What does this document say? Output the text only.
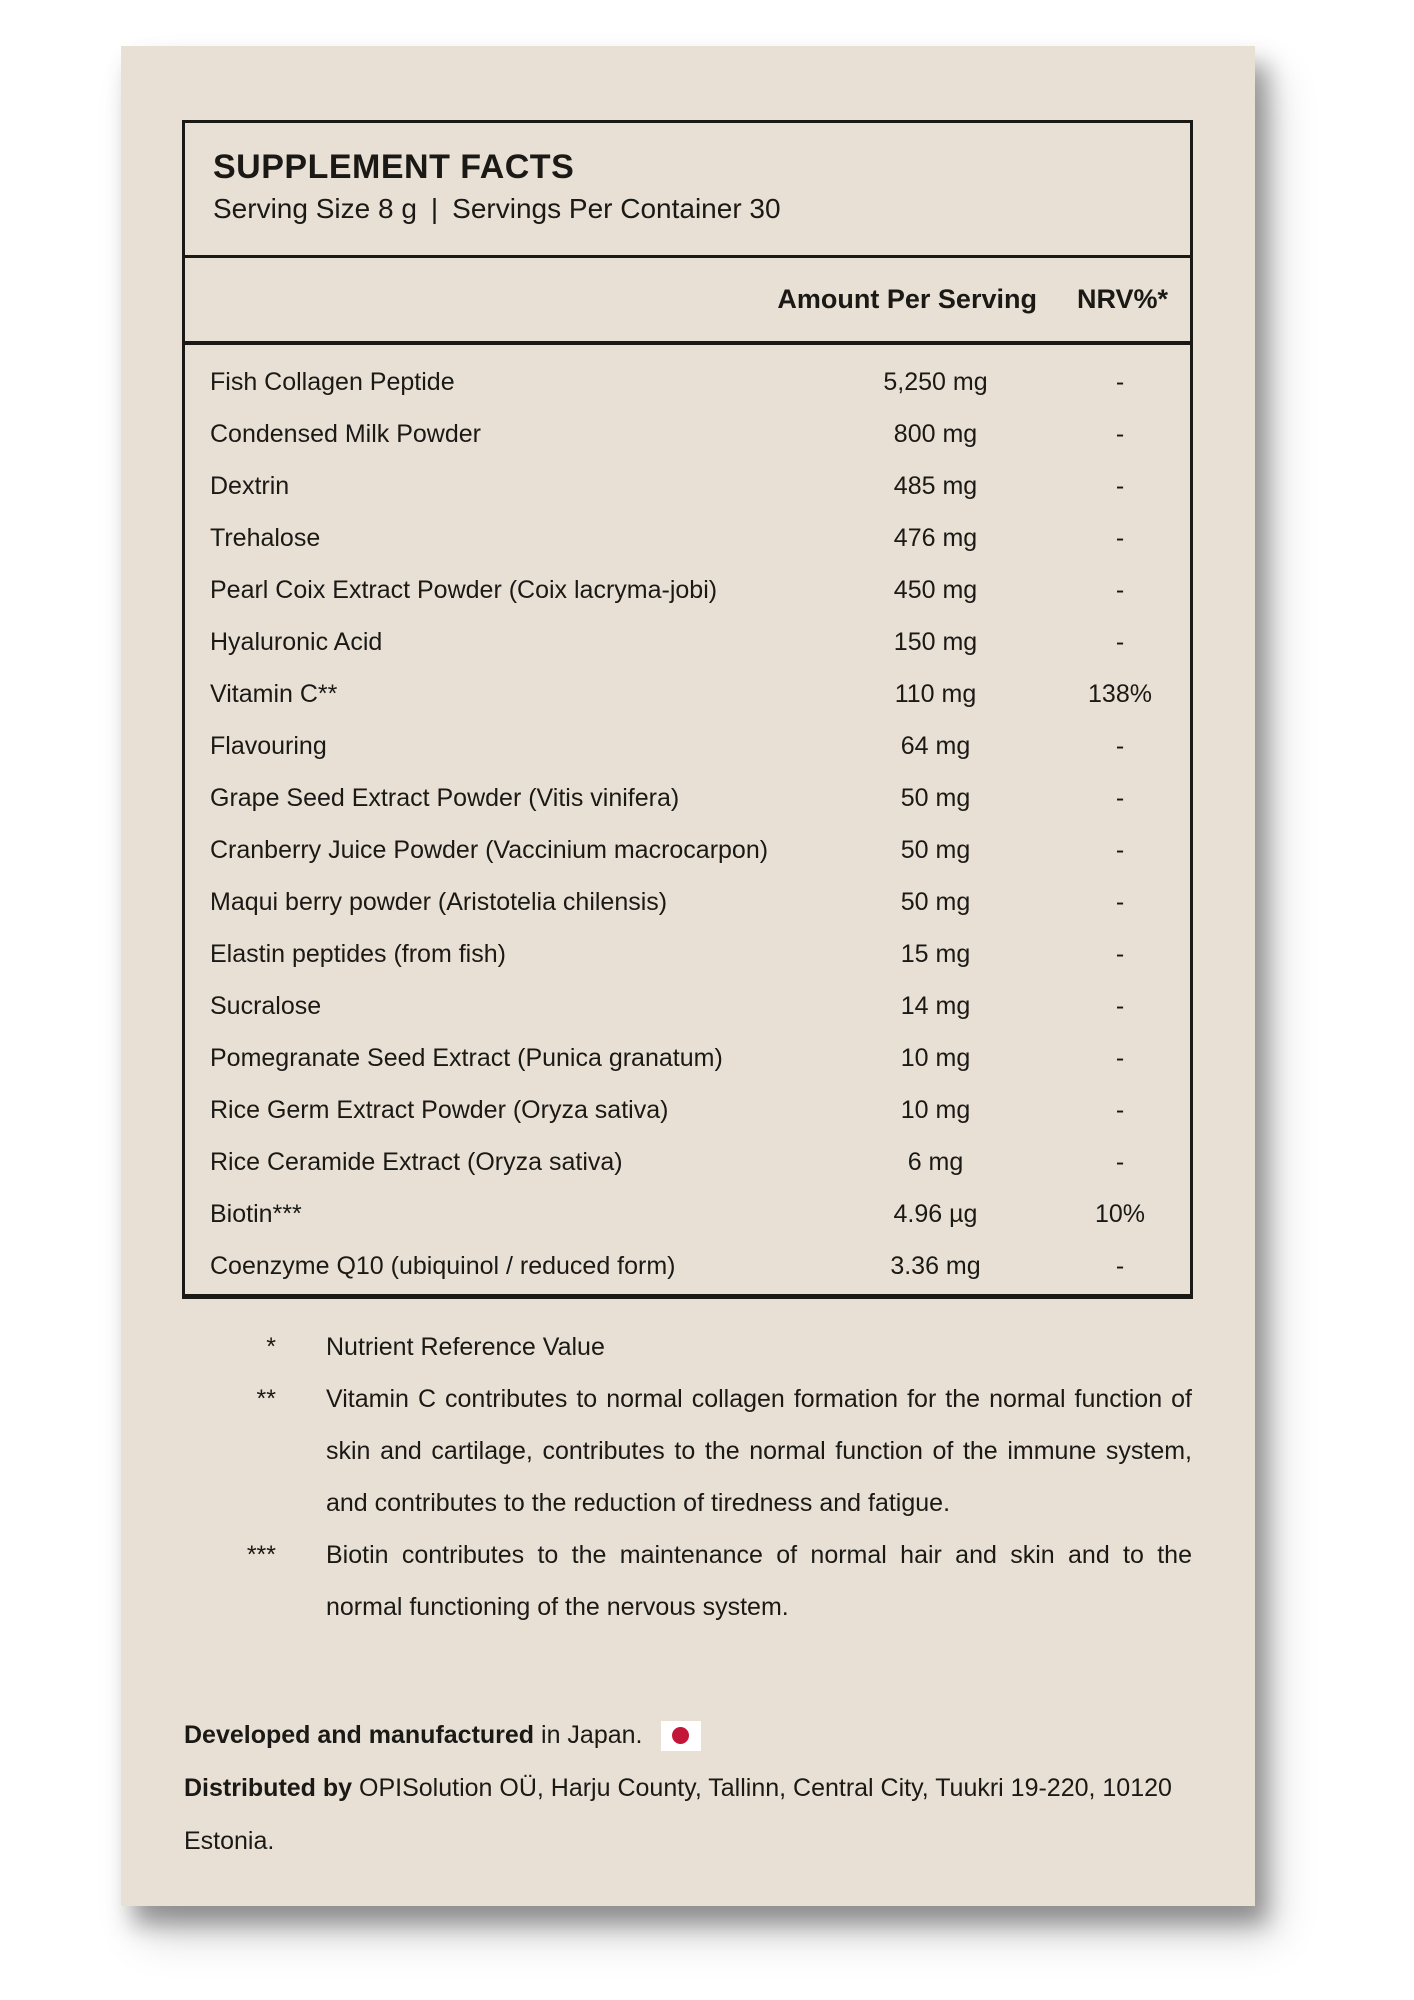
SUPPLEMENT FACTS
Serving Size 8 g | Servings Per Container 30
Amount Per Serving NRV%*
Fish Collagen Peptide	5,250 mg	-
Condensed Milk Powder	800 mg	-
Dextrin	485 mg	-
Trehalose	476 mg	-
Pearl Coix Extract Powder (Coix lacryma-jobi)	450 mg	-
Hyaluronic Acid	150 mg	-
Vitamin C**	110 mg	138%
Flavouring	64 mg	-
Grape Seed Extract Powder (Vitis vinifera)	50 mg	-
Cranberry Juice Powder (Vaccinium macrocarpon)	50 mg	-
Maqui berry powder (Aristotelia chilensis)	50 mg	-
Elastin peptides (from fish)	15 mg	-
Sucralose	14 mg	-
Pomegranate Seed Extract (Punica granatum)	10 mg	-
Rice Germ Extract Powder (Oryza sativa)	10 mg	-
Rice Ceramide Extract (Oryza sativa)	6 mg	-
Biotin***	4.96 µg	10%
Coenzyme Q10 (ubiquinol / reduced form)	3.36 mg	-
* Nutrient Reference Value
** Vitamin C contributes to normal collagen formation for the normal function of skin and cartilage, contributes to the normal function of the immune system, and contributes to the reduction of tiredness and fatigue.
*** Biotin contributes to the maintenance of normal hair and skin and to the normal functioning of the nervous system.
Developed and manufactured in Japan.
Distributed by OPISolution OÜ, Harju County, Tallinn, Central City, Tuukri 19-220, 10120 Estonia.
